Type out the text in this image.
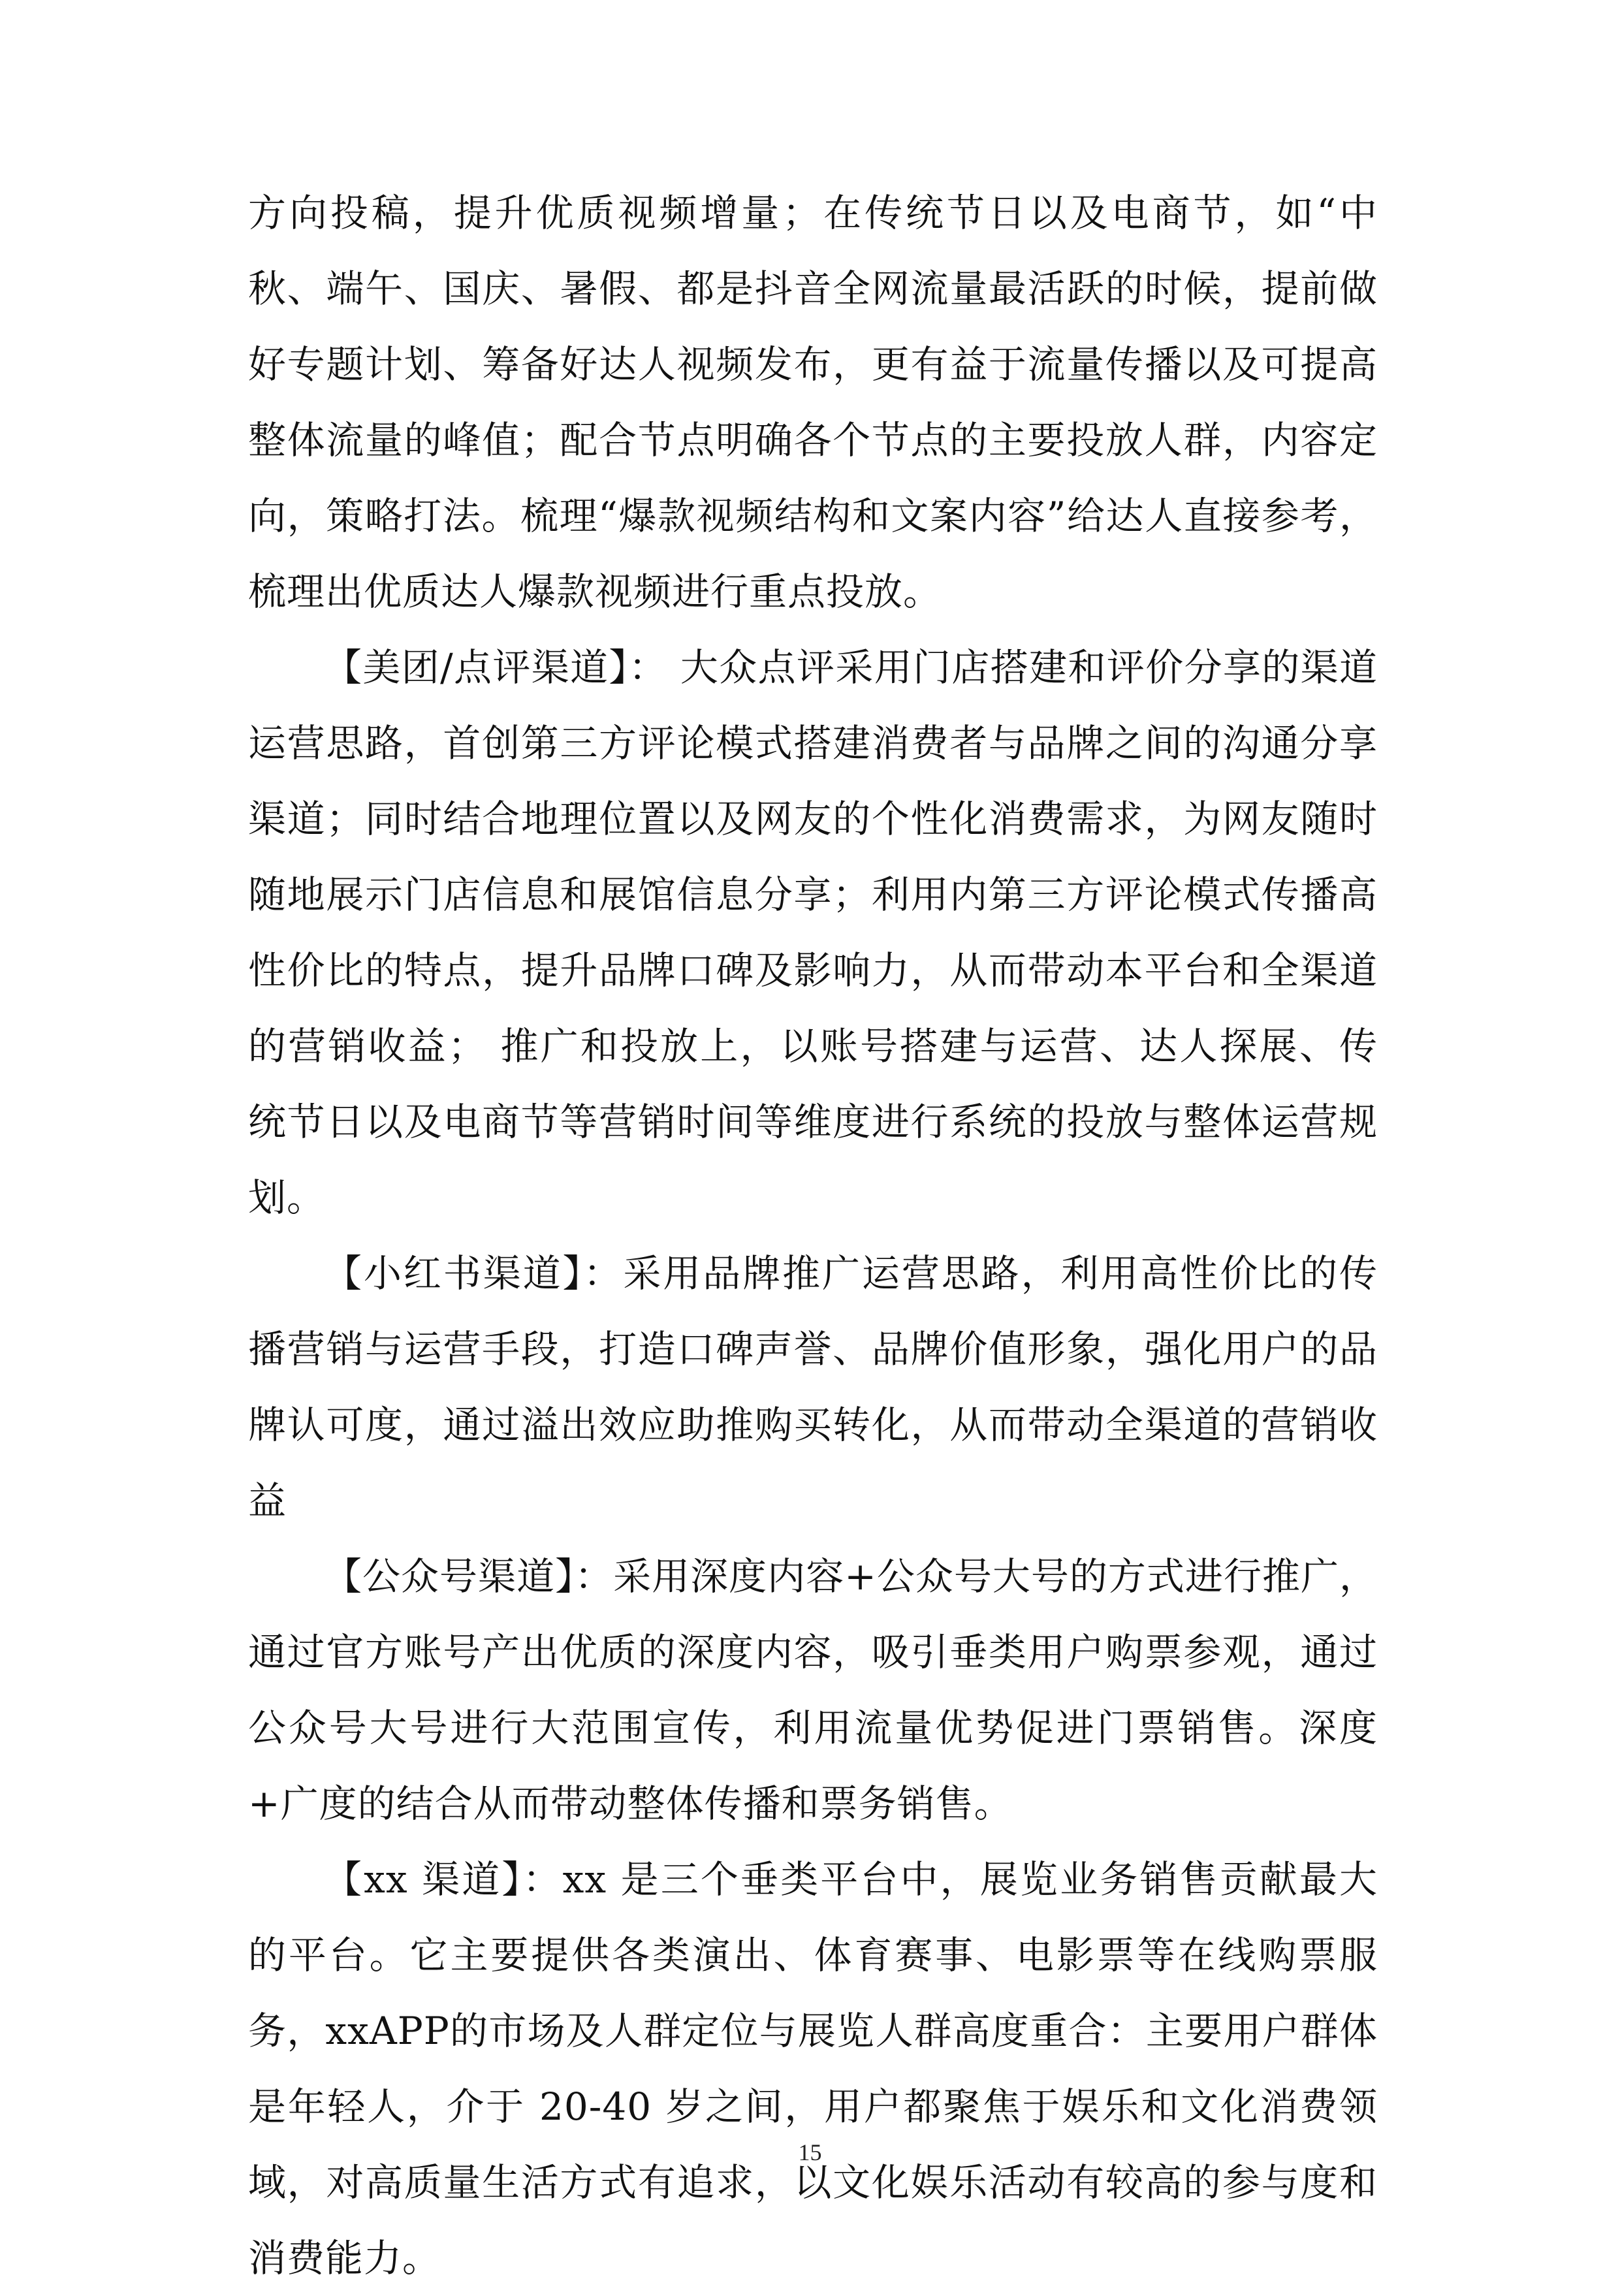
方向投稿，提升优质视频增量；在传统节日以及电商节，如“中秋、端午、国庆、暑假、都是抖音全网流量最活跃的时候，提前做好专题计划、筹备好达人视频发布，更有益于流量传播以及可提高整体流量的峰值；配合节点明确各个节点的主要投放人群，内容定向，策略打法。梳理“爆款视频结构和文案内容”给达人直接参考，梳理出优质达人爆款视频进行重点投放。

【美团/点评渠道】： 大众点评采用门店搭建和评价分享的渠道运营思路，首创第三方评论模式搭建消费者与品牌之间的沟通分享渠道；同时结合地理位置以及网友的个性化消费需求，为网友随时随地展示门店信息和展馆信息分享；利用内第三方评论模式传播高性价比的特点，提升品牌口碑及影响力，从而带动本平台和全渠道的营销收益； 推广和投放上，以账号搭建与运营、达人探展、传统节日以及电商节等营销时间等维度进行系统的投放与整体运营规划。

【小红书渠道】：采用品牌推广运营思路，利用高性价比的传播营销与运营手段，打造口碑声誉、品牌价值形象，强化用户的品牌认可度，通过溢出效应助推购买转化，从而带动全渠道的营销收益

【公众号渠道】：采用深度内容+公众号大号的方式进行推广，通过官方账号产出优质的深度内容，吸引垂类用户购票参观，通过公众号大号进行大范围宣传，利用流量优势促进门票销售。深度+广度的结合从而带动整体传播和票务销售。

【xx 渠道】：xx 是三个垂类平台中，展览业务销售贡献最大的平台。它主要提供各类演出、体育赛事、电影票等在线购票服务，xxAPP的市场及人群定位与展览人群高度重合：主要用户群体是年轻人，介于 20-40 岁之间，用户都聚焦于娱乐和文化消费领域，对高质量生活方式有追求，以文化娱乐活动有较高的参与度和消费能力。

15
